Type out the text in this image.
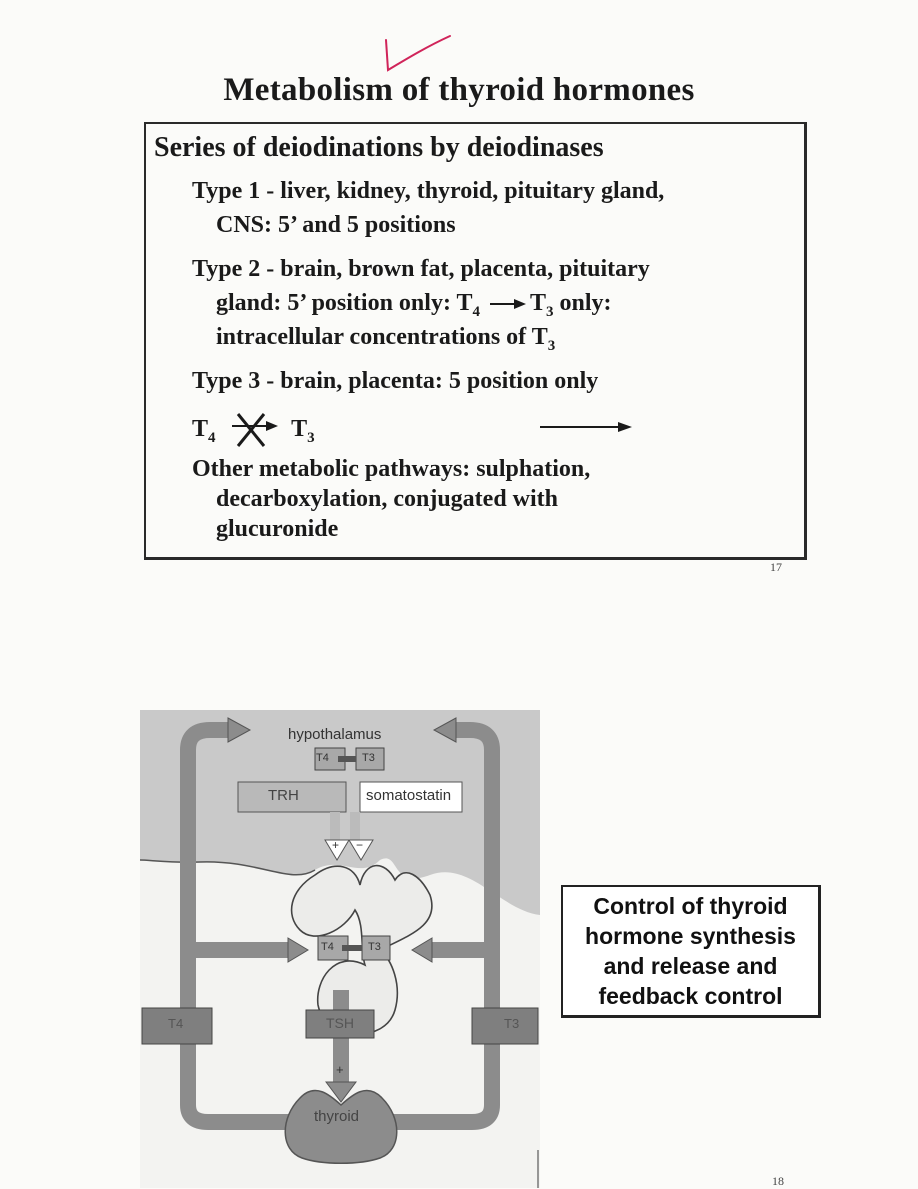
Metabolism of thyroid hormones
Series of deiodinations by deiodinases
Type 1 - liver, kidney, thyroid, pituitary gland,
CNS: 5’ and 5 positions
Type 2 - brain, brown fat, placenta, pituitary
gland: 5’ position only: $T_4$ $T_3$ only:
intracellular concentrations of $T_3$
Type 3 - brain, placenta: 5 position only
$T_4$	$T_3$
Other metabolic pathways: sulphation,
decarboxylation, conjugated with
glucuronide
17
hypothalamus
T4	T3
TRH	somatostatin
+ −
T4	T3
T4	T3
TSH
+
thyroid
Control of thyroid
hormone synthesis
and release and
feedback control
18
